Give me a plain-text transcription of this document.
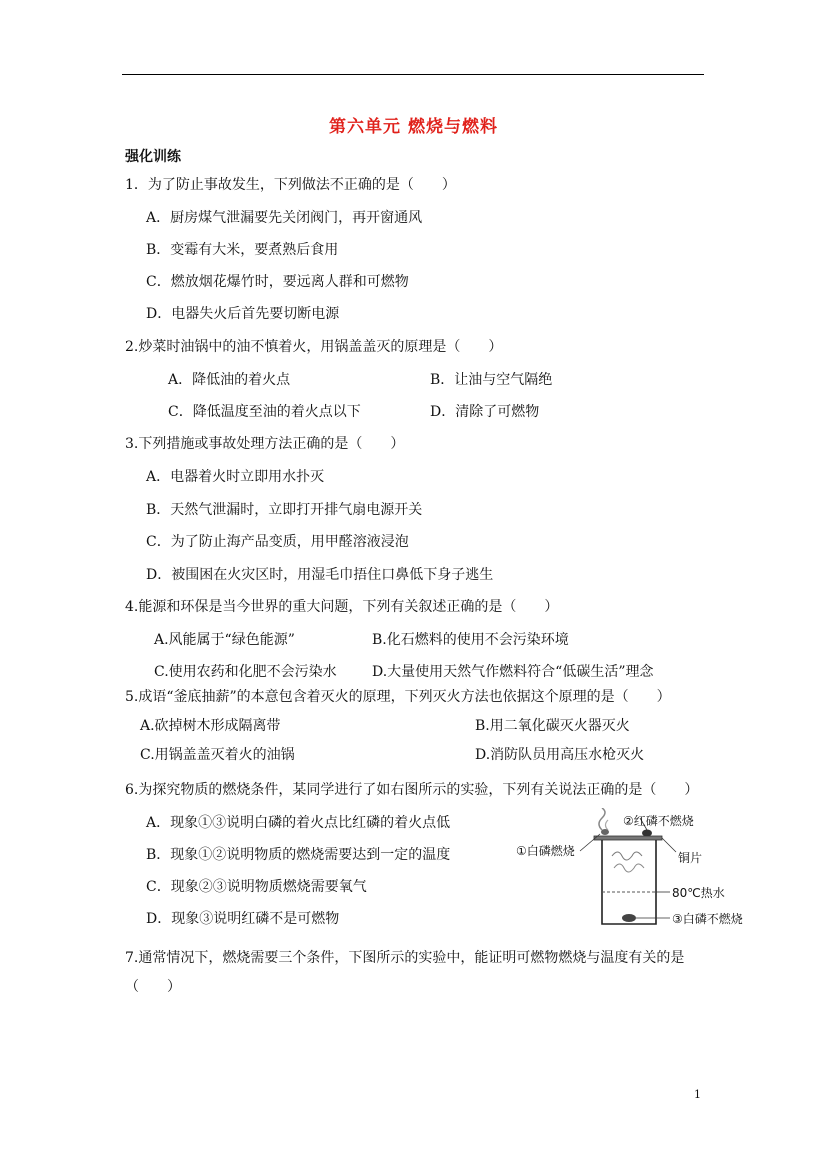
第六单元 燃烧与燃料
强化训练
1．为了防止事故发生，下列做法不正确的是（　　）
A．厨房煤气泄漏要先关闭阀门，再开窗通风
B．变霉有大米，要煮熟后食用
C．燃放烟花爆竹时，要远离人群和可燃物
D．电器失火后首先要切断电源
2.炒菜时油锅中的油不慎着火，用锅盖盖灭的原理是（　　）
A．降低油的着火点	B．让油与空气隔绝
C．降低温度至油的着火点以下	D．清除了可燃物
3.下列措施或事故处理方法正确的是（　　）
A．电器着火时立即用水扑灭
B．天然气泄漏时，立即打开排气扇电源开关
C．为了防止海产品变质，用甲醛溶液浸泡
D．被围困在火灾区时，用湿毛巾捂住口鼻低下身子逃生
4.能源和环保是当今世界的重大问题，下列有关叙述正确的是（　　）
A.风能属于“绿色能源”	B.化石燃料的使用不会污染环境
C.使用农药和化肥不会污染水	D.大量使用天然气作燃料符合“低碳生活”理念
5.成语“釜底抽薪”的本意包含着灭火的原理，下列灭火方法也依据这个原理的是（　　）
A.砍掉树木形成隔离带	B.用二氧化碳灭火器灭火
C.用锅盖盖灭着火的油锅	D.消防队员用高压水枪灭火
6.为探究物质的燃烧条件，某同学进行了如右图所示的实验，下列有关说法正确的是（　　）
A．现象①③说明白磷的着火点比红磷的着火点低
B．现象①②说明物质的燃烧需要达到一定的温度
C．现象②③说明物质燃烧需要氧气
D．现象③说明红磷不是可燃物
②红磷不燃烧
①白磷燃烧	铜片
80℃热水
③白磷不燃烧
7.通常情况下，燃烧需要三个条件，下图所示的实验中，能证明可燃物燃烧与温度有关的是
（　　）
1
